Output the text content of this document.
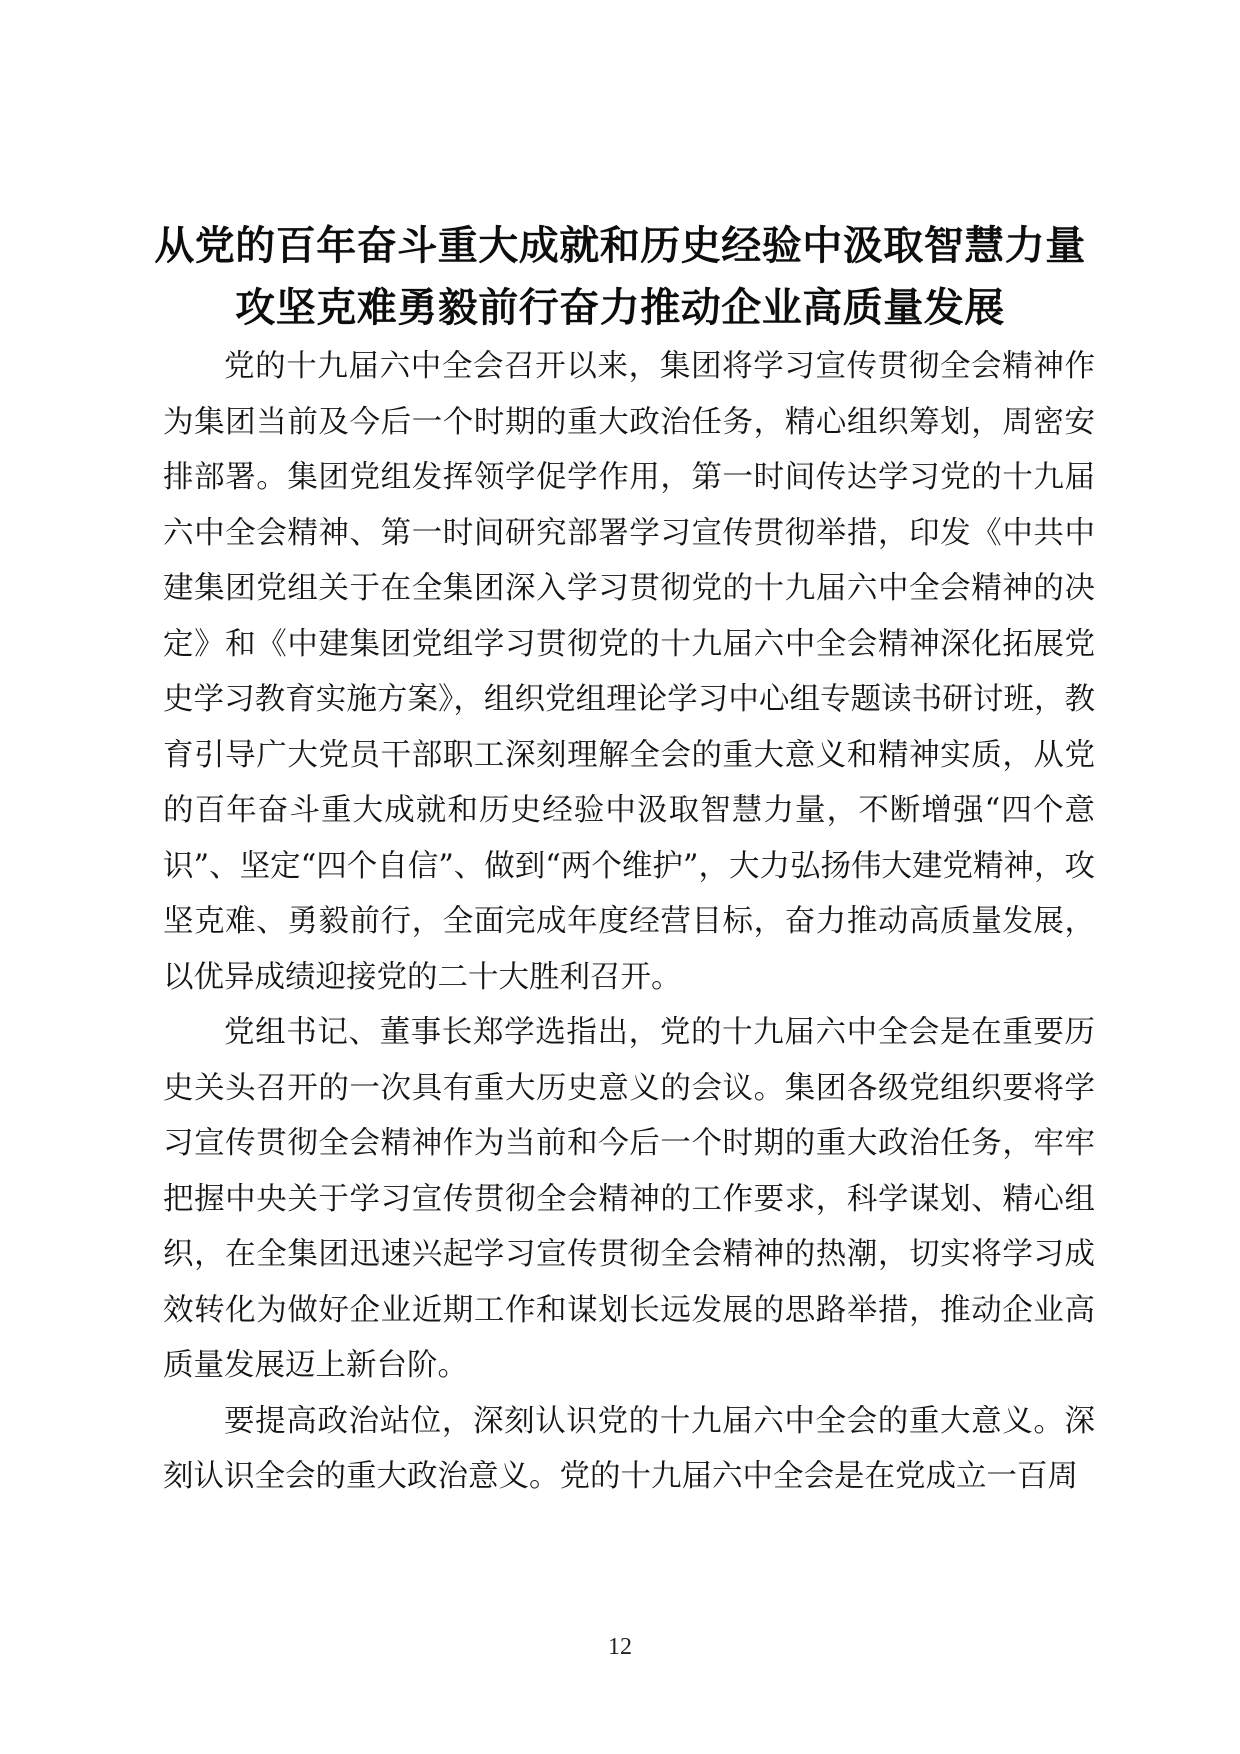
从党的百年奋斗重大成就和历史经验中汲取智慧力量
攻坚克难勇毅前行奋力推动企业高质量发展

党的十九届六中全会召开以来，集团将学习宣传贯彻全会精神作为集团当前及今后一个时期的重大政治任务，精心组织筹划，周密安排部署。集团党组发挥领学促学作用，第一时间传达学习党的十九届六中全会精神、第一时间研究部署学习宣传贯彻举措，印发《中共中建集团党组关于在全集团深入学习贯彻党的十九届六中全会精神的决定》和《中建集团党组学习贯彻党的十九届六中全会精神深化拓展党史学习教育实施方案》，组织党组理论学习中心组专题读书研讨班，教育引导广大党员干部职工深刻理解全会的重大意义和精神实质，从党的百年奋斗重大成就和历史经验中汲取智慧力量，不断增强“四个意识”、坚定“四个自信”、做到“两个维护”，大力弘扬伟大建党精神，攻坚克难、勇毅前行，全面完成年度经营目标，奋力推动高质量发展，以优异成绩迎接党的二十大胜利召开。

党组书记、董事长郑学选指出，党的十九届六中全会是在重要历史关头召开的一次具有重大历史意义的会议。集团各级党组织要将学习宣传贯彻全会精神作为当前和今后一个时期的重大政治任务，牢牢把握中央关于学习宣传贯彻全会精神的工作要求，科学谋划、精心组织，在全集团迅速兴起学习宣传贯彻全会精神的热潮，切实将学习成效转化为做好企业近期工作和谋划长远发展的思路举措，推动企业高质量发展迈上新台阶。

要提高政治站位，深刻认识党的十九届六中全会的重大意义。深刻认识全会的重大政治意义。党的十九届六中全会是在党成立一百周

12
